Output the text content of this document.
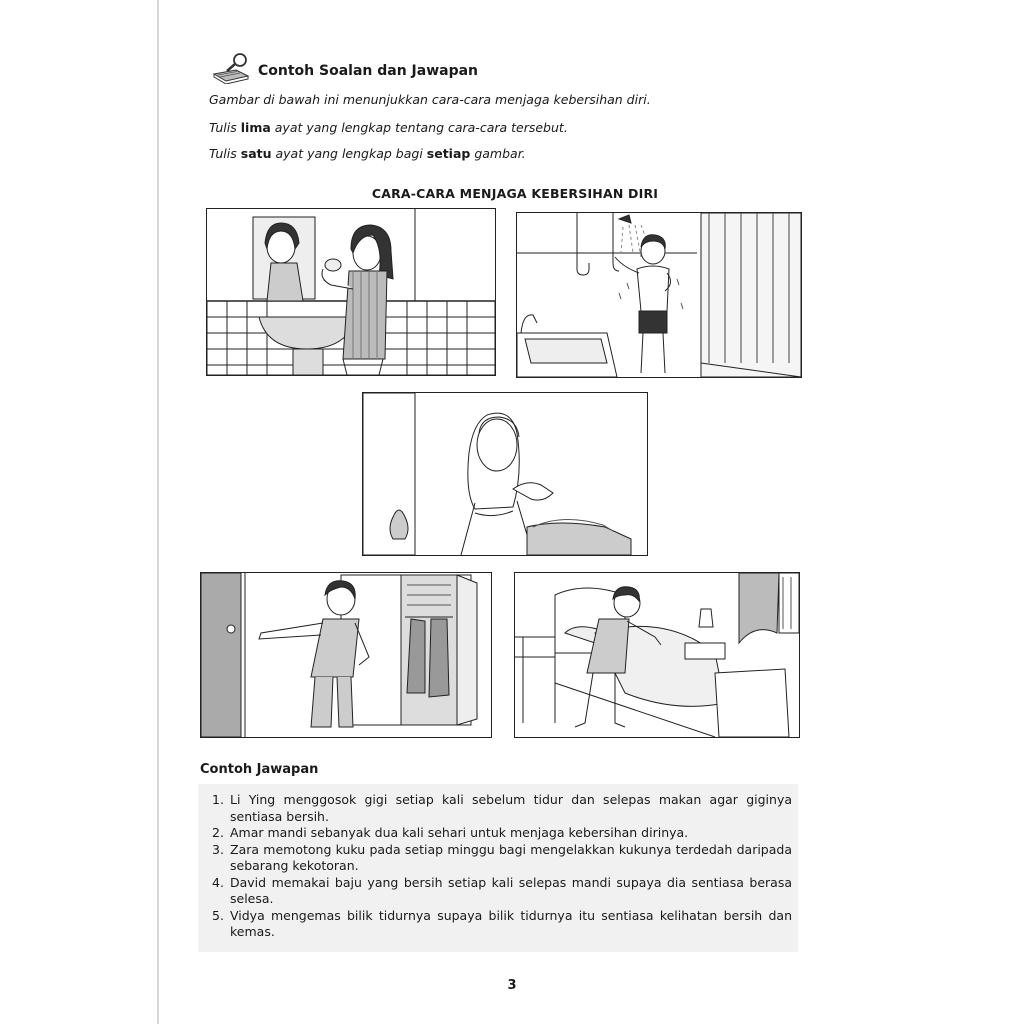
Contoh Soalan dan Jawapan
Gambar di bawah ini menunjukkan cara-cara menjaga kebersihan diri.
Tulis lima ayat yang lengkap tentang cara-cara tersebut.
Tulis satu ayat yang lengkap bagi setiap gambar.
CARA-CARA MENJAGA KEBERSIHAN DIRI
Contoh Jawapan
1. Li Ying menggosok gigi setiap kali sebelum tidur dan selepas makan agar giginya sentiasa bersih.
2. Amar mandi sebanyak dua kali sehari untuk menjaga kebersihan dirinya.
3. Zara memotong kuku pada setiap minggu bagi mengelakkan kukunya terdedah daripada sebarang kekotoran.
4. David memakai baju yang bersih setiap kali selepas mandi supaya dia sentiasa berasa selesa.
5. Vidya mengemas bilik tidurnya supaya bilik tidurnya itu sentiasa kelihatan bersih dan kemas.
3
